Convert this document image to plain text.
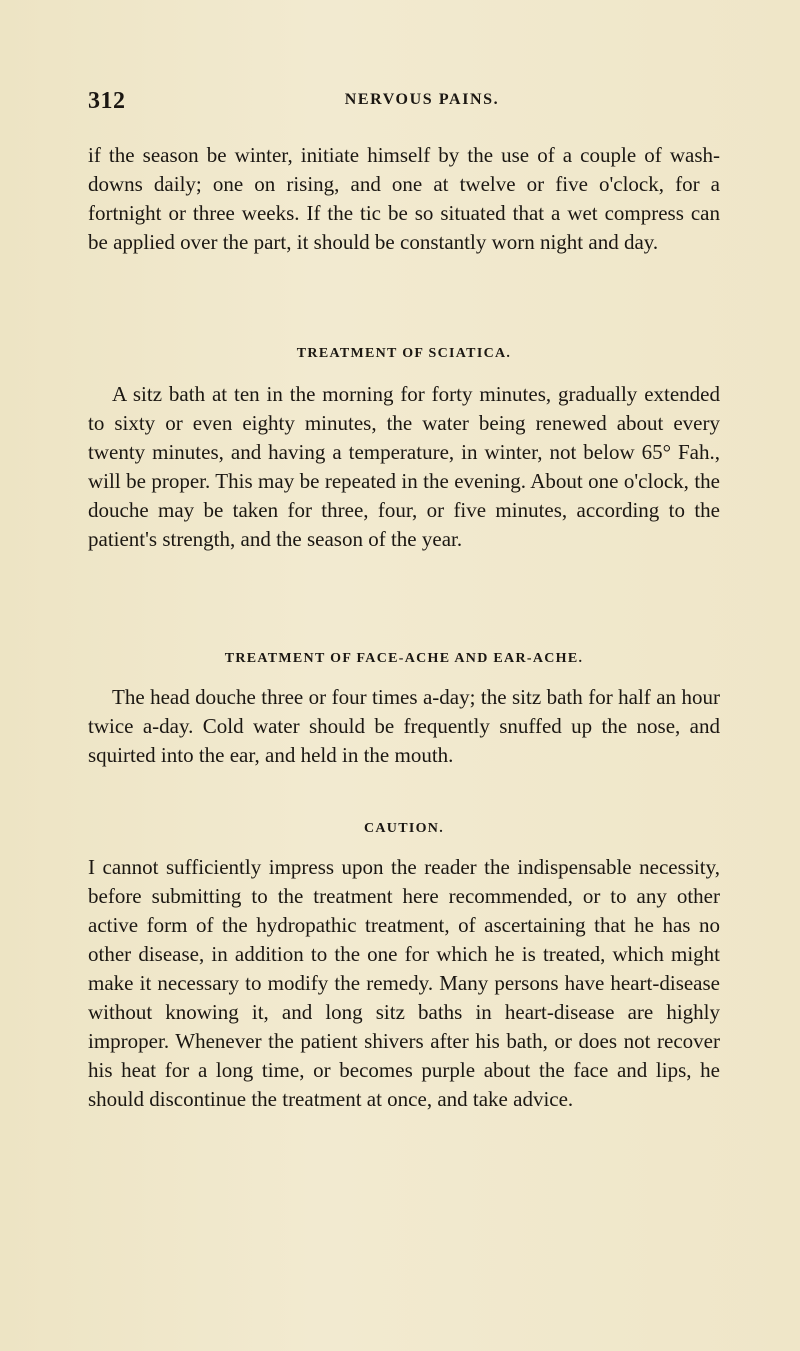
312	NERVOUS PAINS.

if the season be winter, initiate himself by the use of a couple of wash-downs daily; one on rising, and one at twelve or five o'clock, for a fortnight or three weeks. If the tic be so situated that a wet compress can be applied over the part, it should be constantly worn night and day.

TREATMENT OF SCIATICA.

A sitz bath at ten in the morning for forty minutes, gradually extended to sixty or even eighty minutes, the water being renewed about every twenty minutes, and having a temperature, in winter, not below 65° Fah., will be proper. This may be repeated in the evening. About one o'clock, the douche may be taken for three, four, or five minutes, according to the patient's strength, and the season of the year.

TREATMENT OF FACE-ACHE AND EAR-ACHE.

The head douche three or four times a-day; the sitz bath for half an hour twice a-day. Cold water should be frequently snuffed up the nose, and squirted into the ear, and held in the mouth.

CAUTION.

I cannot sufficiently impress upon the reader the indispensable necessity, before submitting to the treatment here recommended, or to any other active form of the hydropathic treatment, of ascertaining that he has no other disease, in addition to the one for which he is treated, which might make it necessary to modify the remedy. Many persons have heart-disease without knowing it, and long sitz baths in heart-disease are highly improper. Whenever the patient shivers after his bath, or does not recover his heat for a long time, or becomes purple about the face and lips, he should discontinue the treatment at once, and take advice.
